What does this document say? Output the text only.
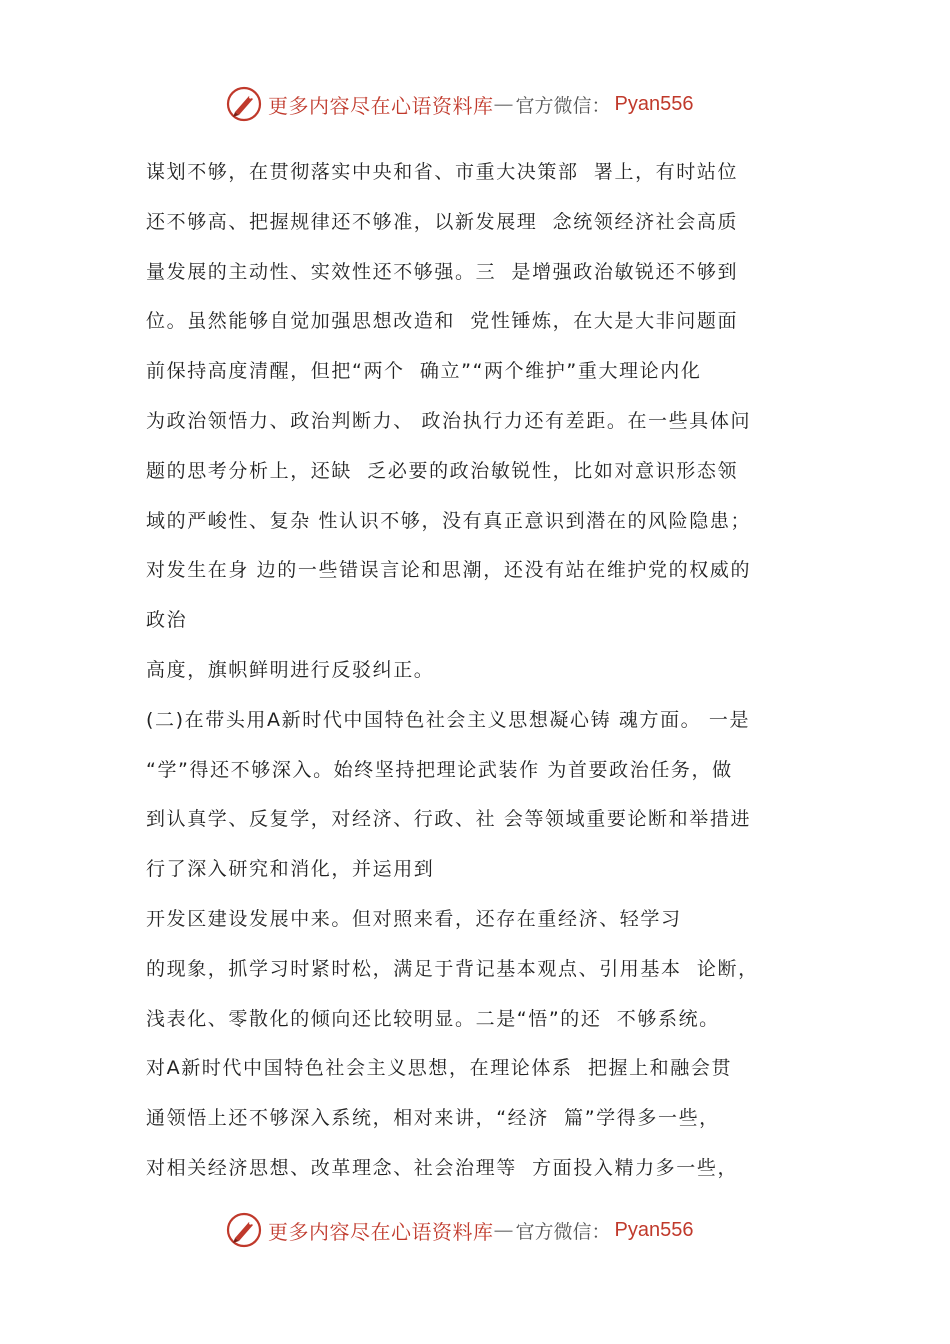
更多内容尽在心语资料库 — 官方微信： Pyan556
谋划不够，在贯彻落实中央和省、市重大决策部  署上，有时站位
还不够高、把握规律还不够准，以新发展理  念统领经济社会高质
量发展的主动性、实效性还不够强。三  是增强政治敏锐还不够到
位。虽然能够自觉加强思想改造和  党性锤炼，在大是大非问题面
前保持高度清醒，但把“两个  确立”“两个维护”重大理论内化
为政治领悟力、政治判断力、 政治执行力还有差距。在一些具体问
题的思考分析上，还缺  乏必要的政治敏锐性，比如对意识形态领
域的严峻性、复杂 性认识不够，没有真正意识到潜在的风险隐患；
对发生在身 边的一些错误言论和思潮，还没有站在维护党的权威的
政治
高度，旗帜鲜明进行反驳纠正。
(二)在带头用A新时代中国特色社会主义思想凝心铸 魂方面。 一是
“学”得还不够深入。始终坚持把理论武装作 为首要政治任务，做
到认真学、反复学，对经济、行政、社 会等领域重要论断和举措进
行了深入研究和消化，并运用到
开发区建设发展中来。但对照来看，还存在重经济、轻学习
的现象，抓学习时紧时松，满足于背记基本观点、引用基本  论断，
浅表化、零散化的倾向还比较明显。二是“悟”的还  不够系统。
对A新时代中国特色社会主义思想，在理论体系  把握上和融会贯
通领悟上还不够深入系统，相对来讲，“经济  篇”学得多一些，
对相关经济思想、改革理念、社会治理等  方面投入精力多一些，
更多内容尽在心语资料库 — 官方微信： Pyan556
